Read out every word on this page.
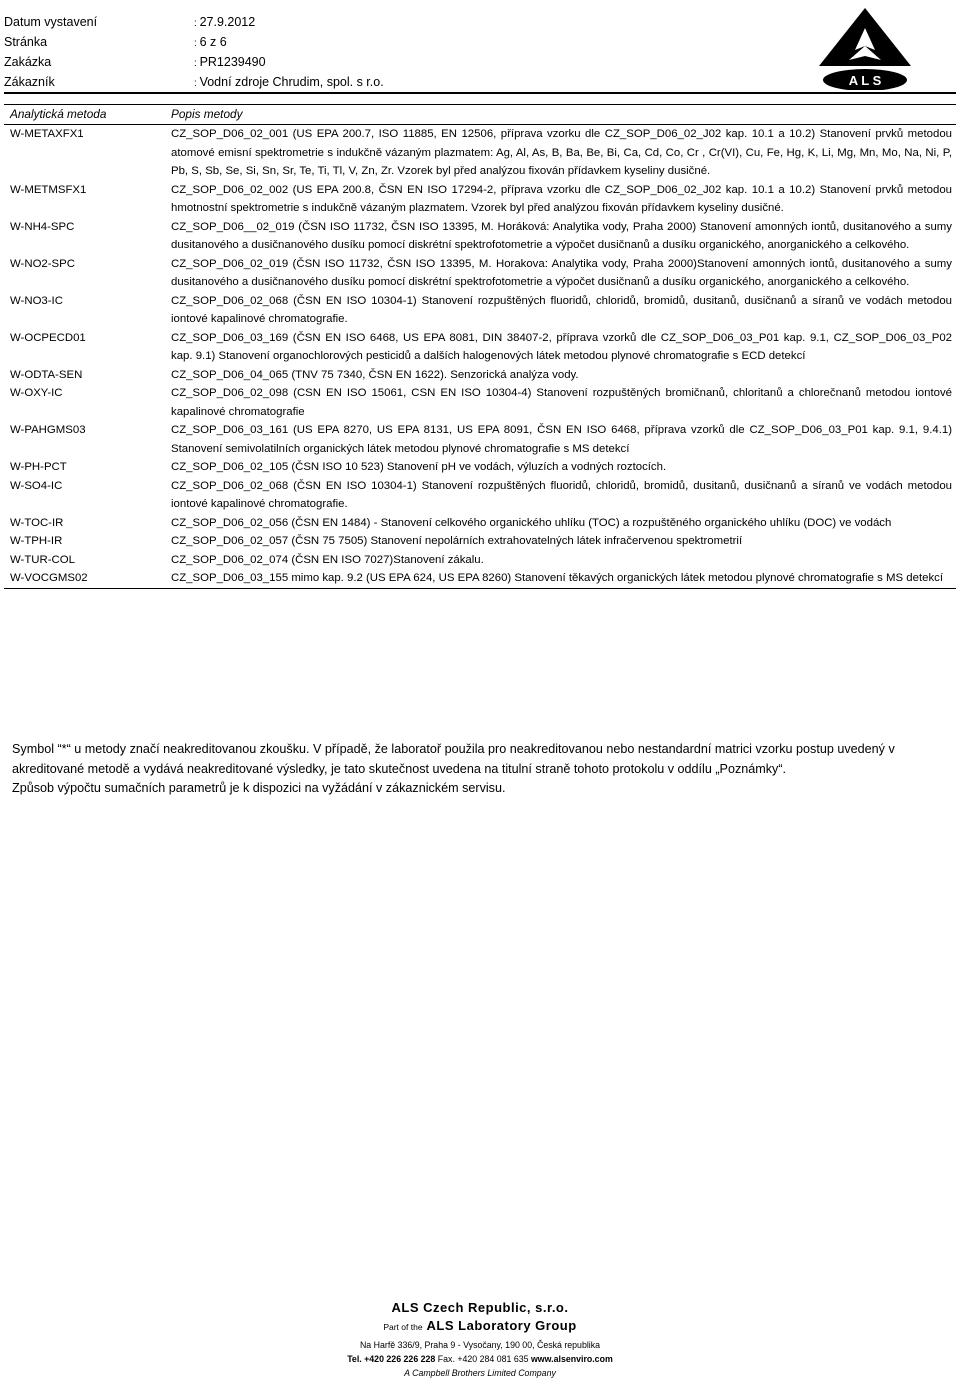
Datum vystavení	: 27.9.2012
Stránka	: 6 z 6
Zakázka	: PR1239490
Zákazník	: Vodní zdroje Chrudim, spol. s r.o.	A L S
Analytická metoda	Popis metody
W-METAXFX1	CZ_SOP_D06_02_001 (US EPA 200.7, ISO 11885, EN 12506, příprava vzorku dle CZ_SOP_D06_02_J02 kap. 10.1 a 10.2) Stanovení prvků metodou atomové emisní spektrometrie s indukčně vázaným plazmatem: Ag, Al, As, B, Ba, Be, Bi, Ca, Cd, Co, Cr , Cr(VI), Cu, Fe, Hg, K, Li, Mg, Mn, Mo, Na, Ni, P, Pb, S, Sb, Se, Si, Sn, Sr, Te, Ti, Tl, V, Zn, Zr. Vzorek byl před analýzou fixován přídavkem kyseliny dusičné.
W-METMSFX1	CZ_SOP_D06_02_002 (US EPA 200.8, ČSN EN ISO 17294-2, příprava vzorku dle CZ_SOP_D06_02_J02 kap. 10.1 a 10.2) Stanovení prvků metodou hmotnostní spektrometrie s indukčně vázaným plazmatem. Vzorek byl před analýzou fixován přídavkem kyseliny dusičné.
W-NH4-SPC	CZ_SOP_D06__02_019 (ČSN ISO 11732, ČSN ISO 13395, M. Horáková: Analytika vody, Praha 2000) Stanovení amonných iontů, dusitanového a sumy dusitanového a dusičnanového dusíku pomocí diskrétní spektrofotometrie a výpočet dusičnanů a dusíku organického, anorganického a celkového.
W-NO2-SPC	CZ_SOP_D06_02_019 (ČSN ISO 11732, ČSN ISO 13395, M. Horakova: Analytika vody, Praha 2000)Stanovení amonných iontů, dusitanového a sumy dusitanového a dusičnanového dusíku pomocí diskrétní spektrofotometrie a výpočet dusičnanů a dusíku organického, anorganického a celkového.
W-NO3-IC	CZ_SOP_D06_02_068 (ČSN EN ISO 10304-1) Stanovení rozpuštěných fluoridů, chloridů, bromidů, dusitanů, dusičnanů a síranů ve vodách metodou iontové kapalinové chromatografie.
W-OCPECD01	CZ_SOP_D06_03_169 (ČSN EN ISO 6468, US EPA 8081, DIN 38407-2, příprava vzorků dle CZ_SOP_D06_03_P01 kap. 9.1, CZ_SOP_D06_03_P02 kap. 9.1) Stanovení organochlorových pesticidů a dalších halogenových látek metodou plynové chromatografie s ECD detekcí
W-ODTA-SEN	CZ_SOP_D06_04_065 (TNV 75 7340, ČSN EN 1622). Senzorická analýza vody.
W-OXY-IC	CZ_SOP_D06_02_098 (CSN EN ISO 15061, CSN EN ISO 10304-4) Stanovení rozpuštěných bromičnanů, chloritanů a chlorečnanů metodou iontové kapalinové chromatografie
W-PAHGMS03	CZ_SOP_D06_03_161 (US EPA 8270, US EPA 8131, US EPA 8091, ČSN EN ISO 6468, příprava vzorků dle CZ_SOP_D06_03_P01 kap. 9.1, 9.4.1) Stanovení semivolatilních organických látek metodou plynové chromatografie s MS detekcí
W-PH-PCT	CZ_SOP_D06_02_105 (ČSN ISO 10 523) Stanovení pH ve vodách, výluzích a vodných roztocích.
W-SO4-IC	CZ_SOP_D06_02_068 (ČSN EN ISO 10304-1) Stanovení rozpuštěných fluoridů, chloridů, bromidů, dusitanů, dusičnanů a síranů ve vodách metodou iontové kapalinové chromatografie.
W-TOC-IR	CZ_SOP_D06_02_056 (ČSN EN 1484) - Stanovení celkového organického uhlíku (TOC) a rozpuštěného organického uhlíku (DOC) ve vodách
W-TPH-IR	CZ_SOP_D06_02_057 (ČSN 75 7505) Stanovení nepolárních extrahovatelných látek infračervenou spektrometrií
W-TUR-COL	CZ_SOP_D06_02_074 (ČSN EN ISO 7027)Stanovení zákalu.
W-VOCGMS02	CZ_SOP_D06_03_155 mimo kap. 9.2 (US EPA 624, US EPA 8260) Stanovení těkavých organických látek metodou plynové chromatografie s MS detekcí

Symbol “*“ u metody značí neakreditovanou zkoušku. V případě, že laboratoř použila pro neakreditovanou nebo nestandardní matrici vzorku postup uvedený v akreditované metodě a vydává neakreditované výsledky, je tato skutečnost uvedena na titulní straně tohoto protokolu v oddílu „Poznámky“.

Způsob výpočtu sumačních parametrů je k dispozici na vyžádání v zákaznickém servisu.

ALS Czech Republic, s.r.o.
Part of the ALS Laboratory Group
Na Harfě 336/9, Praha 9 - Vysočany, 190 00, Česká republika
Tel. +420 226 226 228 Fax. +420 284 081 635 www.alsenviro.com
A Campbell Brothers Limited Company
